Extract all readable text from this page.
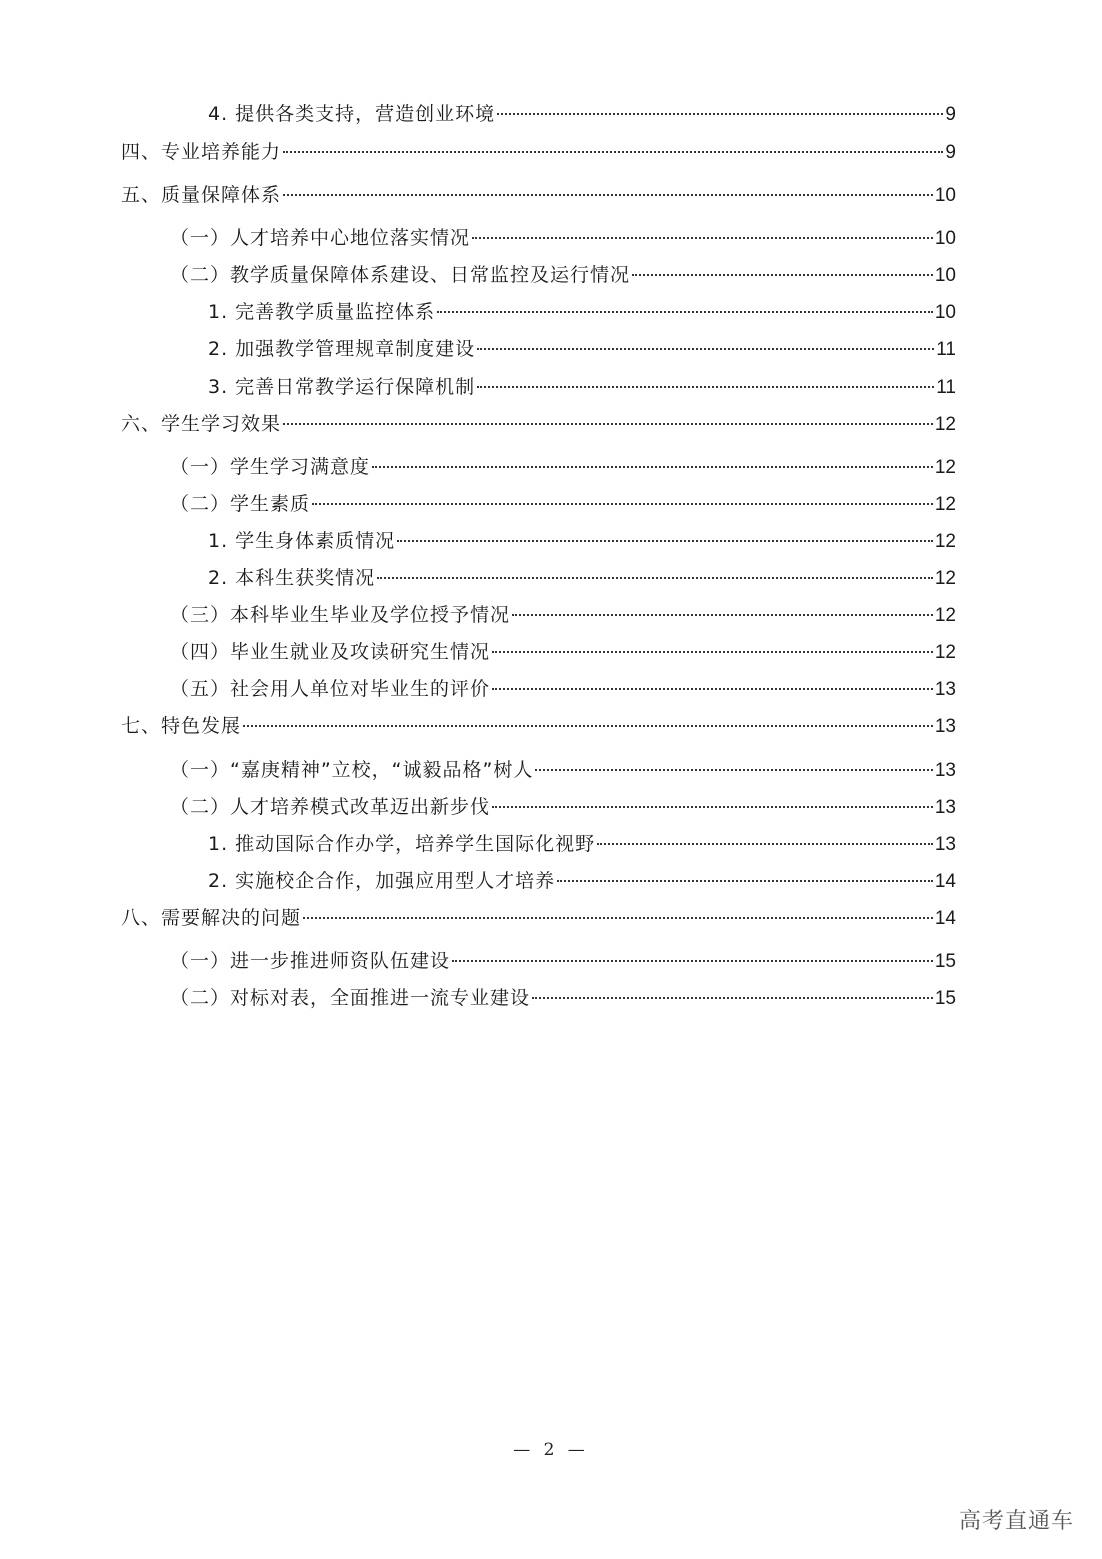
4. 提供各类支持，营造创业环境	9
四、专业培养能力	9
五、质量保障体系	10
（一）人才培养中心地位落实情况	10
（二）教学质量保障体系建设、日常监控及运行情况	10
1. 完善教学质量监控体系	10
2. 加强教学管理规章制度建设	11
3. 完善日常教学运行保障机制	11
六、学生学习效果	12
（一）学生学习满意度	12
（二）学生素质	12
1. 学生身体素质情况	12
2. 本科生获奖情况	12
（三）本科毕业生毕业及学位授予情况	12
（四）毕业生就业及攻读研究生情况	12
（五）社会用人单位对毕业生的评价	13
七、特色发展	13
（一）“嘉庚精神”立校，“诚毅品格”树人	13
（二）人才培养模式改革迈出新步伐	13
1. 推动国际合作办学，培养学生国际化视野	13
2. 实施校企合作，加强应用型人才培养	14
八、需要解决的问题	14
（一）进一步推进师资队伍建设	15
（二）对标对表，全面推进一流专业建设	15
— 2 —
高考直通车
